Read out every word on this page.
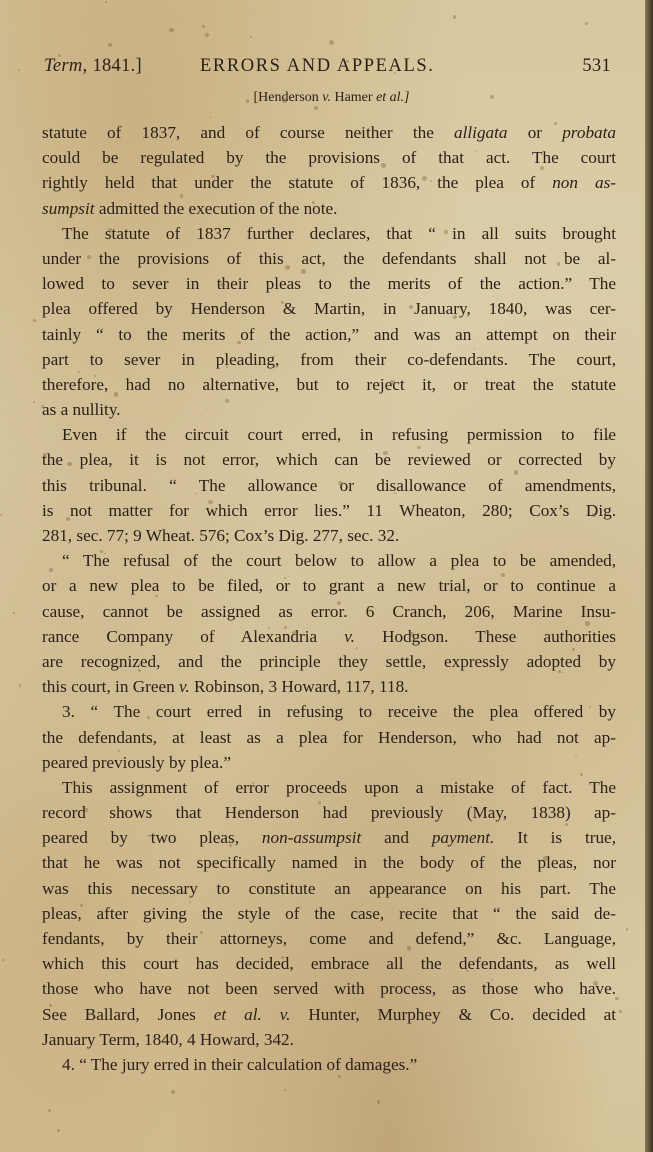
Term, 1841.]	ERRORS AND APPEALS.	531
[Henderson v. Hamer et al.]
statute of 1837, and of course neither the alligata or probata
could be regulated by the provisions of that act. The court
rightly held that under the statute of 1836, the plea of non as-
sumpsit admitted the execution of the note.
The statute of 1837 further declares, that “ in all suits brought
under the provisions of this act, the defendants shall not be al-
lowed to sever in their pleas to the merits of the action.” The
plea offered by Henderson & Martin, in January, 1840, was cer-
tainly “ to the merits of the action,” and was an attempt on their
part to sever in pleading, from their co-defendants. The court,
therefore, had no alternative, but to reject it, or treat the statute
as a nullity.
Even if the circuit court erred, in refusing permission to file
the plea, it is not error, which can be reviewed or corrected by
this tribunal. “ The allowance or disallowance of amendments,
is not matter for which error lies.” 11 Wheaton, 280; Cox’s Dig.
281, sec. 77; 9 Wheat. 576; Cox’s Dig. 277, sec. 32.
“ The refusal of the court below to allow a plea to be amended,
or a new plea to be filed, or to grant a new trial, or to continue a
cause, cannot be assigned as error. 6 Cranch, 206, Marine Insu-
rance Company of Alexandria v. Hodgson. These authorities
are recognized, and the principle they settle, expressly adopted by
this court, in Green v. Robinson, 3 Howard, 117, 118.
3. “ The court erred in refusing to receive the plea offered by
the defendants, at least as a plea for Henderson, who had not ap-
peared previously by plea.”
This assignment of error proceeds upon a mistake of fact. The
record shows that Henderson had previously (May, 1838) ap-
peared by two pleas, non-assumpsit and payment. It is true,
that he was not specifically named in the body of the pleas, nor
was this necessary to constitute an appearance on his part. The
pleas, after giving the style of the case, recite that “ the said de-
fendants, by their attorneys, come and defend,” &c. Language,
which this court has decided, embrace all the defendants, as well
those who have not been served with process, as those who have.
See Ballard, Jones et al. v. Hunter, Murphey & Co. decided at
January Term, 1840, 4 Howard, 342.
4. “ The jury erred in their calculation of damages.”
